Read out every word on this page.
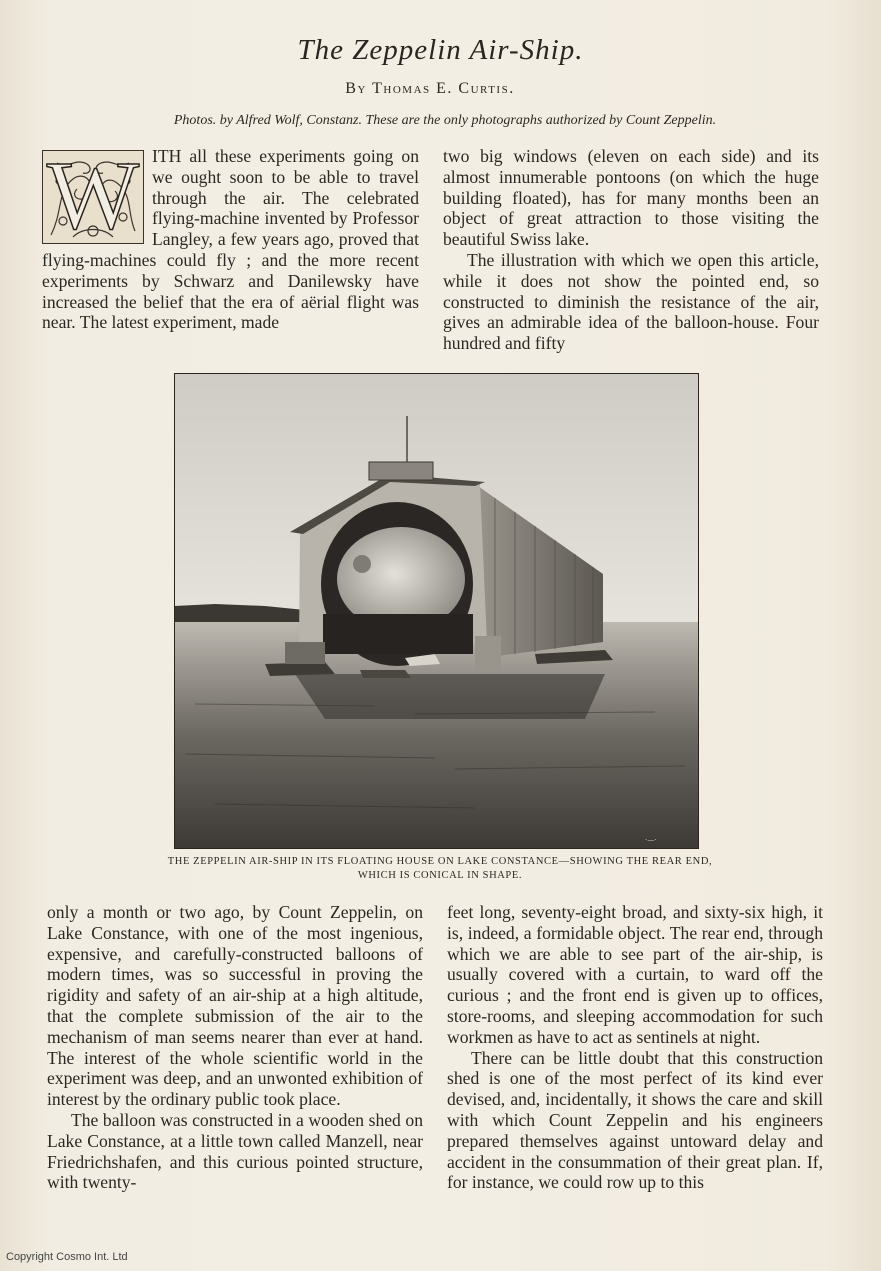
The Zeppelin Air-Ship.
By Thomas E. Curtis.
Photos. by Alfred Wolf, Constanz. These are the only photographs authorized by Count Zeppelin.
W ITH all these experiments going on we ought soon to be able to travel through the air. The celebrated flying-machine invented by Professor Langley, a few years ago, proved that flying-machines could fly ; and the more recent experiments by Schwarz and Danilewsky have increased the belief that the era of aërial flight was near. The latest experiment, made

two big windows (eleven on each side) and its almost innumerable pontoons (on which the huge building floated), has for many months been an object of great attraction to those visiting the beautiful Swiss lake.

The illustration with which we open this article, while it does not show the pointed end, so constructed to diminish the resistance of the air, gives an admirable idea of the balloon-house. Four hundred and fifty

·—·
THE ZEPPELIN AIR-SHIP IN ITS FLOATING HOUSE ON LAKE CONSTANCE—SHOWING THE REAR END,
WHICH IS CONICAL IN SHAPE.

only a month or two ago, by Count Zeppelin, on Lake Constance, with one of the most ingenious, expensive, and carefully-constructed balloons of modern times, was so successful in proving the rigidity and safety of an air-ship at a high altitude, that the complete submission of the air to the mechanism of man seems nearer than ever at hand. The interest of the whole scientific world in the experiment was deep, and an unwonted exhibition of interest by the ordinary public took place.

The balloon was constructed in a wooden shed on Lake Constance, at a little town called Manzell, near Friedrichshafen, and this curious pointed structure, with twenty-

feet long, seventy-eight broad, and sixty-six high, it is, indeed, a formidable object. The rear end, through which we are able to see part of the air-ship, is usually covered with a curtain, to ward off the curious ; and the front end is given up to offices, store-rooms, and sleeping accommodation for such workmen as have to act as sentinels at night.

There can be little doubt that this construction shed is one of the most perfect of its kind ever devised, and, incidentally, it shows the care and skill with which Count Zeppelin and his engineers prepared themselves against untoward delay and accident in the consummation of their great plan. If, for instance, we could row up to this

Copyright Cosmo Int. Ltd
